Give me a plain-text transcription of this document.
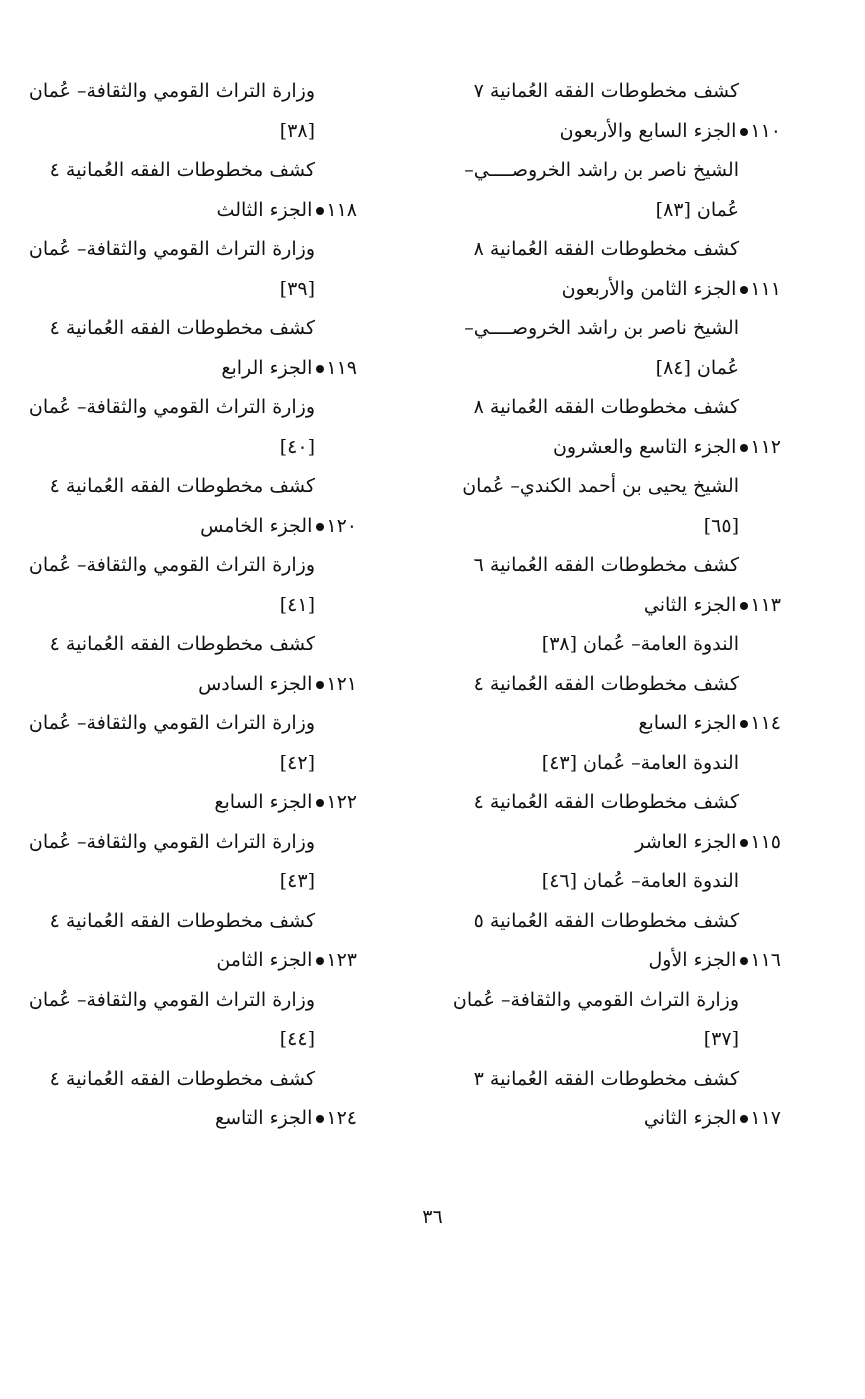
كشف مخطوطات الفقه العُمانية ٧
١١٠الجزء السابع والأربعون
الشيخ ناصر بن راشد الخروصــــي–
عُمان [٨٣]
كشف مخطوطات الفقه العُمانية ٨
١١١الجزء الثامن والأربعون
الشيخ ناصر بن راشد الخروصــــي–
عُمان [٨٤]
كشف مخطوطات الفقه العُمانية ٨
١١٢الجزء التاسع والعشرون
الشيخ يحيى بن أحمد الكندي– عُمان
[٦٥]
كشف مخطوطات الفقه العُمانية ٦
١١٣الجزء الثاني
الندوة العامة– عُمان [٣٨]
كشف مخطوطات الفقه العُمانية ٤
١١٤الجزء السابع
الندوة العامة– عُمان [٤٣]
كشف مخطوطات الفقه العُمانية ٤
١١٥الجزء العاشر
الندوة العامة– عُمان [٤٦]
كشف مخطوطات الفقه العُمانية ٥
١١٦الجزء الأول
وزارة التراث القومي والثقافة– عُمان
[٣٧]
كشف مخطوطات الفقه العُمانية ٣
١١٧الجزء الثاني
وزارة التراث القومي والثقافة– عُمان
[٣٨]
كشف مخطوطات الفقه العُمانية ٤
١١٨الجزء الثالث
وزارة التراث القومي والثقافة– عُمان
[٣٩]
كشف مخطوطات الفقه العُمانية ٤
١١٩الجزء الرابع
وزارة التراث القومي والثقافة– عُمان
[٤٠]
كشف مخطوطات الفقه العُمانية ٤
١٢٠الجزء الخامس
وزارة التراث القومي والثقافة– عُمان
[٤١]
كشف مخطوطات الفقه العُمانية ٤
١٢١الجزء السادس
وزارة التراث القومي والثقافة– عُمان
[٤٢]
١٢٢الجزء السابع
وزارة التراث القومي والثقافة– عُمان
[٤٣]
كشف مخطوطات الفقه العُمانية ٤
١٢٣الجزء الثامن
وزارة التراث القومي والثقافة– عُمان
[٤٤]
كشف مخطوطات الفقه العُمانية ٤
١٢٤الجزء التاسع
٣٦
